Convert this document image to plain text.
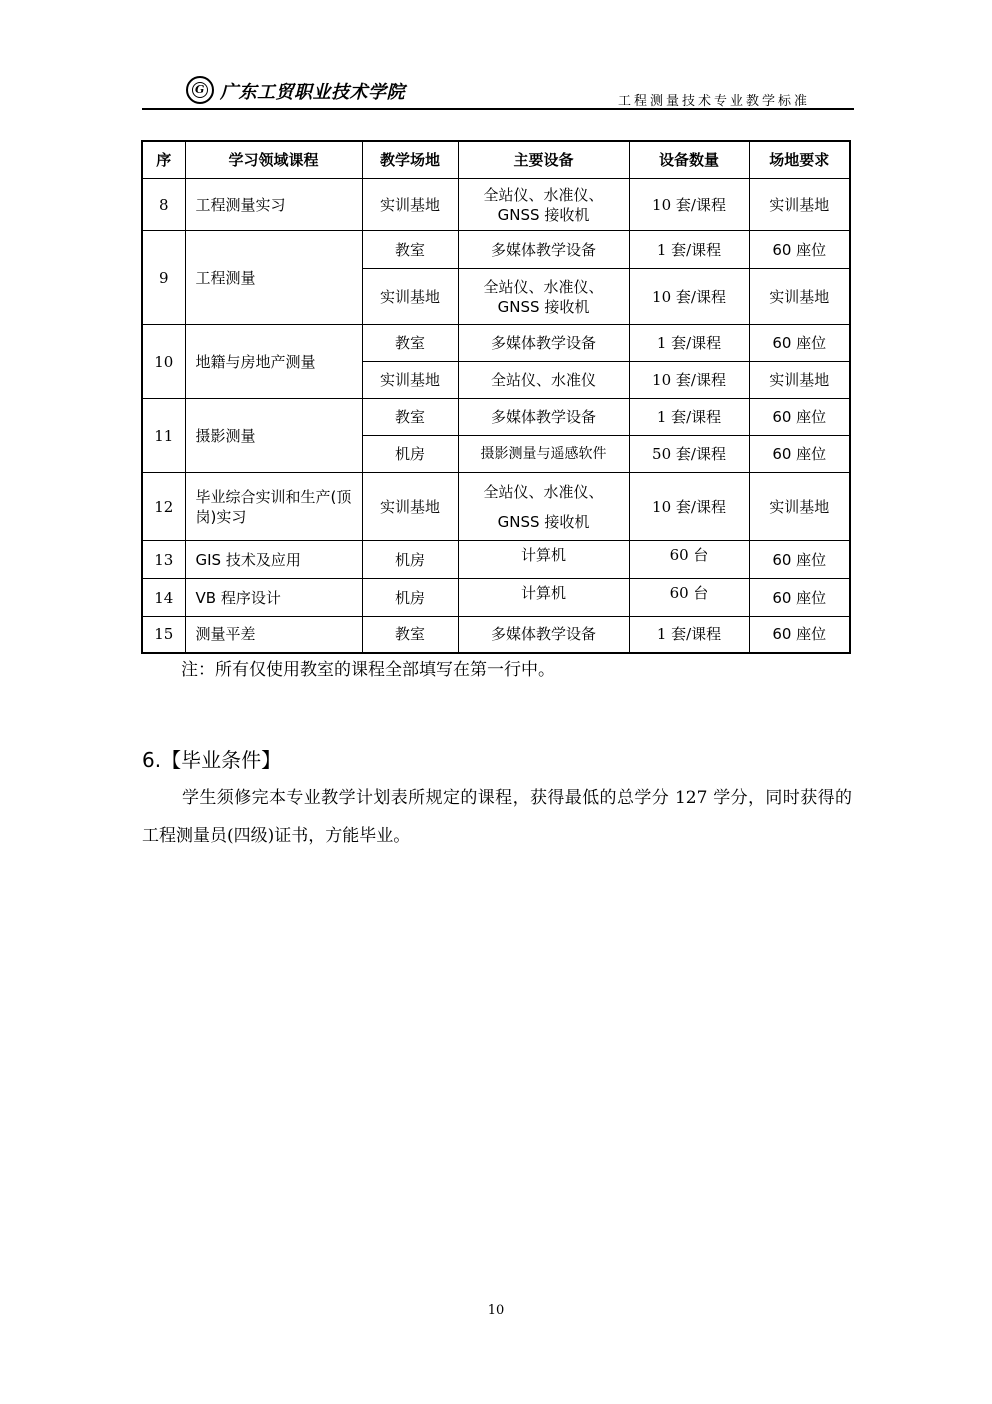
G 广东工贸职业技术学院	工程测量技术专业教学标准
序	学习领域课程	教学场地	主要设备	设备数量	场地要求
8	工程测量实习	实训基地	全站仪、水准仪、GNSS 接收机	10 套/课程	实训基地
9	工程测量	教室	多媒体教学设备	1 套/课程	60 座位
		实训基地	全站仪、水准仪、GNSS 接收机	10 套/课程	实训基地
10	地籍与房地产测量	教室	多媒体教学设备	1 套/课程	60 座位
		实训基地	全站仪、水准仪	10 套/课程	实训基地
11	摄影测量	教室	多媒体教学设备	1 套/课程	60 座位
		机房	摄影测量与遥感软件	50 套/课程	60 座位
12	毕业综合实训和生产(顶岗)实习	实训基地	全站仪、水准仪、GNSS 接收机	10 套/课程	实训基地
13	GIS 技术及应用	机房	计算机	60 台	60 座位
14	VB 程序设计	机房	计算机	60 台	60 座位
15	测量平差	教室	多媒体教学设备	1 套/课程	60 座位
注：所有仅使用教室的课程全部填写在第一行中。
6.【毕业条件】
学生须修完本专业教学计划表所规定的课程，获得最低的总学分 127 学分，同时获得的工程测量员(四级)证书，方能毕业。
10
